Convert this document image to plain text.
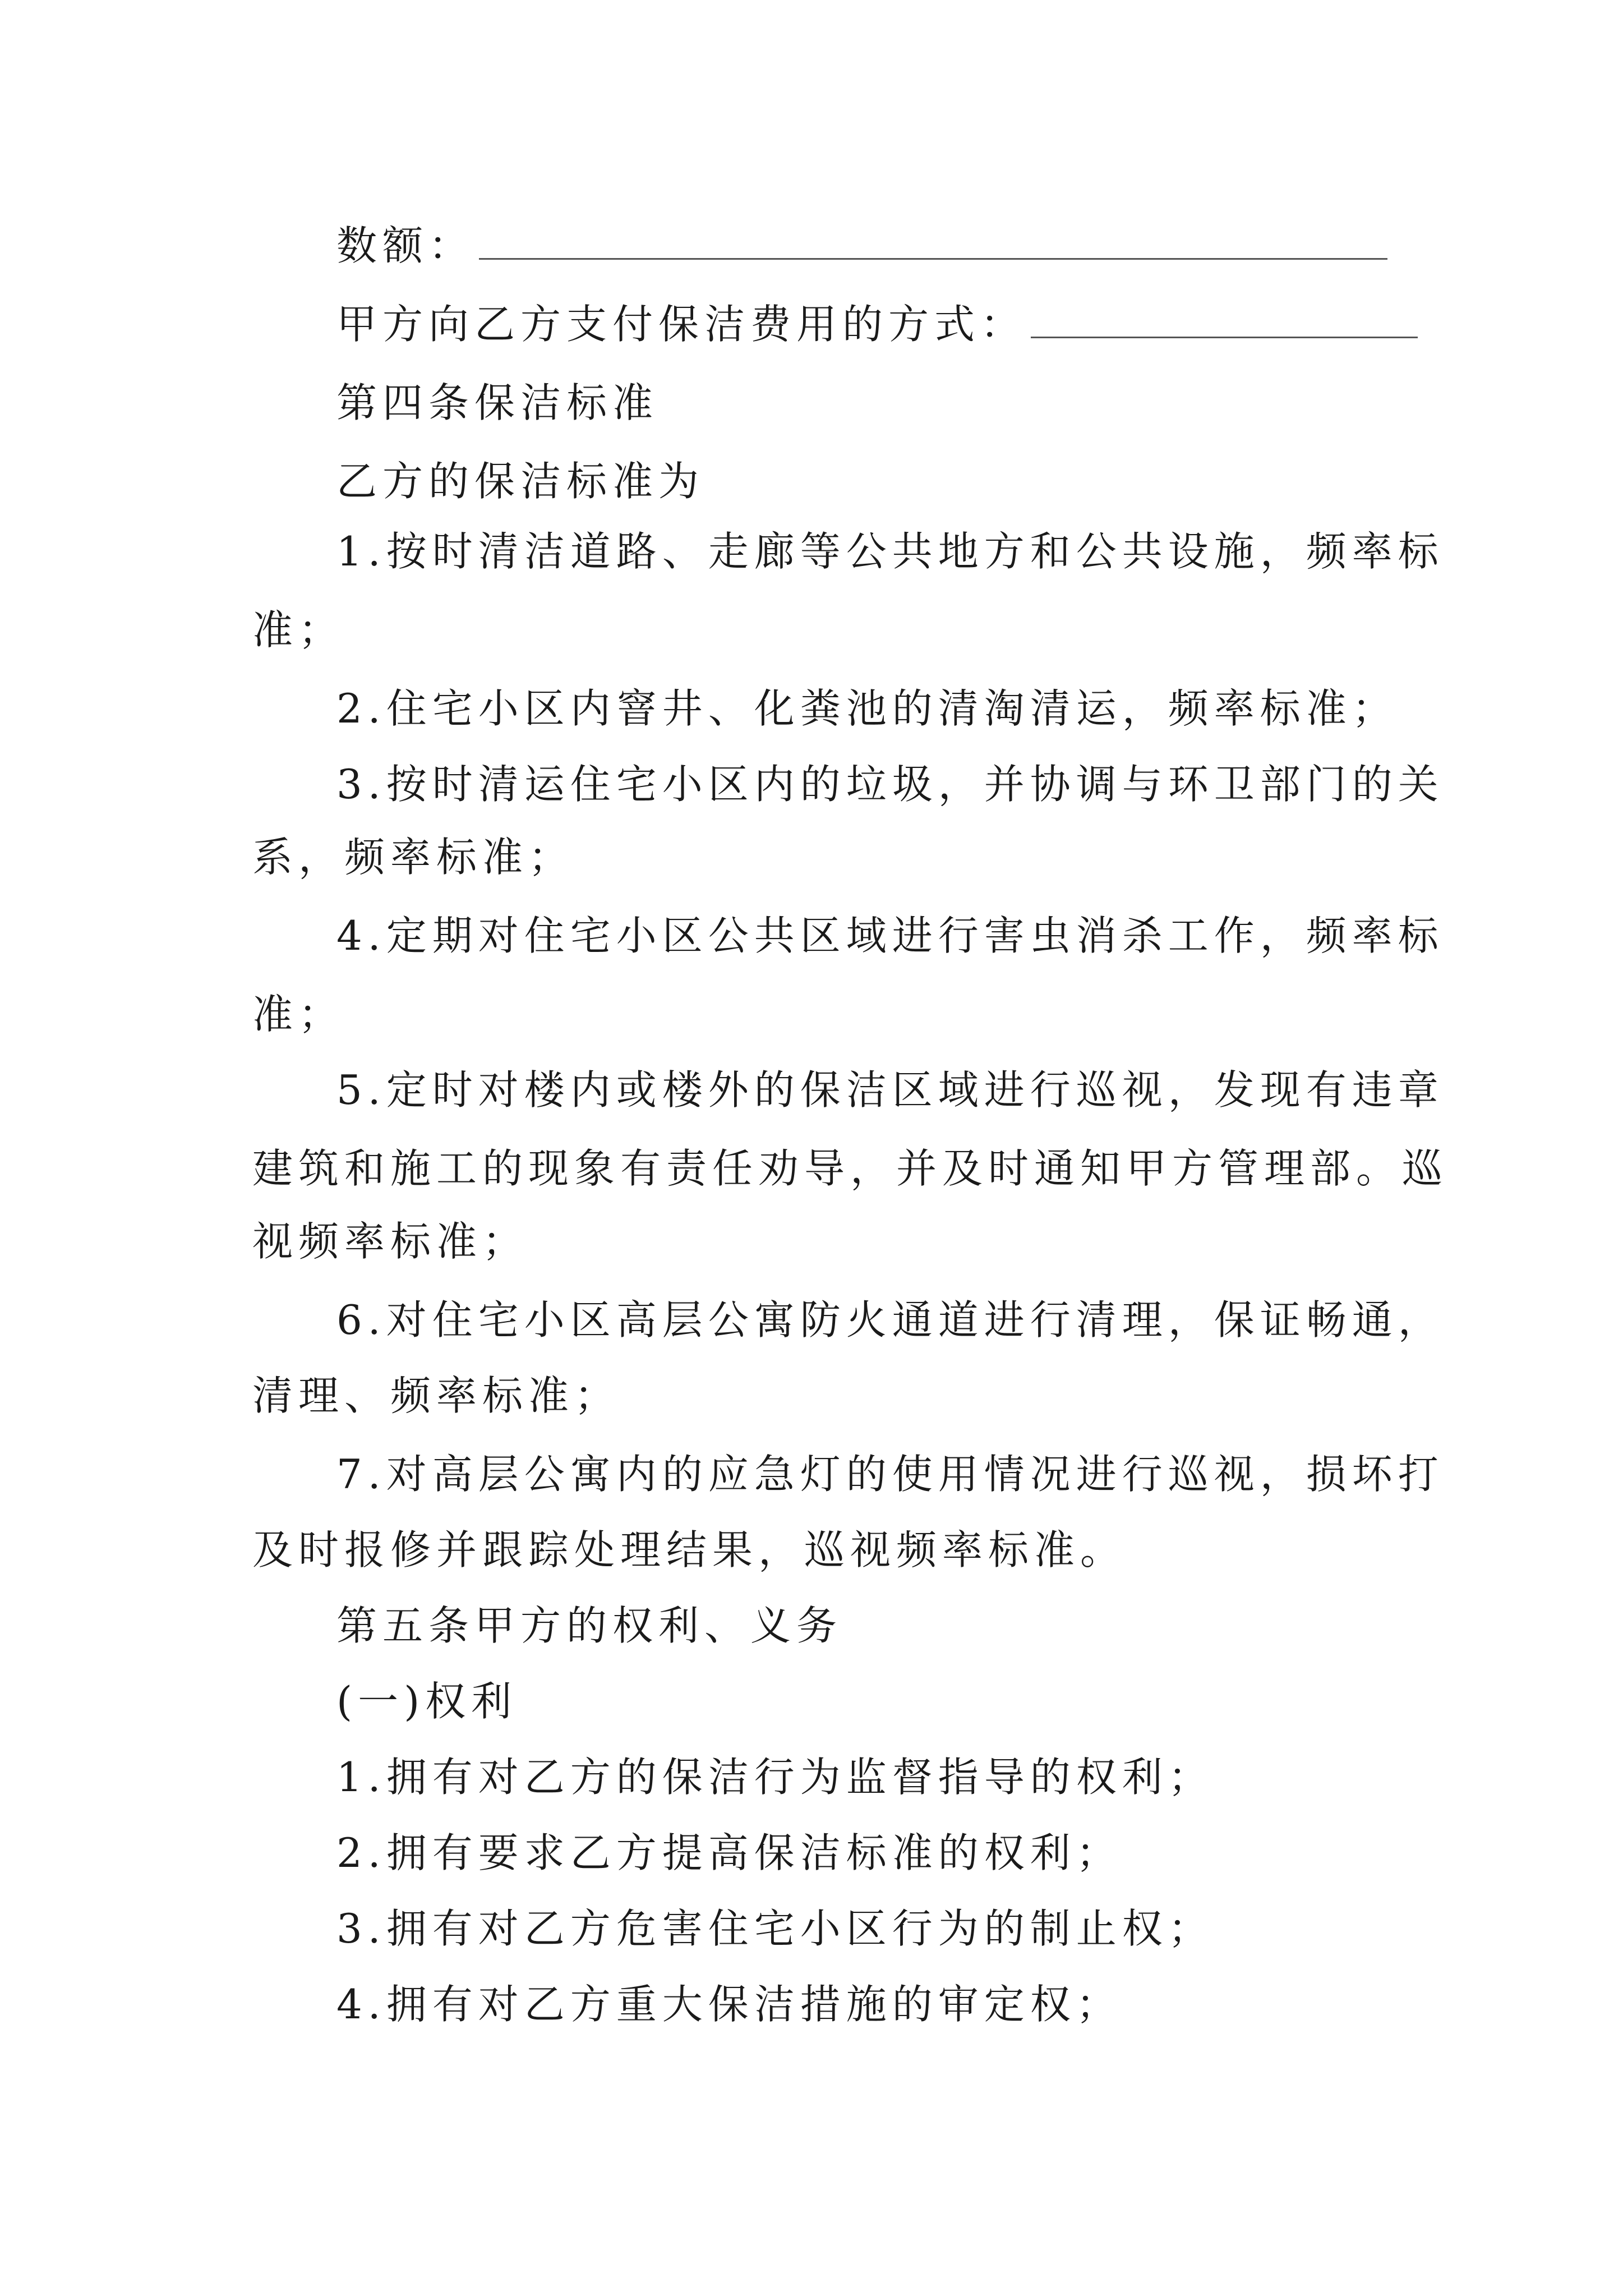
数额：
甲方向乙方支付保洁费用的方式：
第四条保洁标准
乙方的保洁标准为
1.按时清洁道路、走廊等公共地方和公共设施，频率标
准；
2.住宅小区内窨井、化粪池的清淘清运，频率标准；
3.按时清运住宅小区内的垃圾，并协调与环卫部门的关
系，频率标准；
4.定期对住宅小区公共区域进行害虫消杀工作，频率标
准；
5.定时对楼内或楼外的保洁区域进行巡视，发现有违章
建筑和施工的现象有责任劝导，并及时通知甲方管理部。巡
视频率标准；
6.对住宅小区高层公寓防火通道进行清理，保证畅通，
清理、频率标准；
7.对高层公寓内的应急灯的使用情况进行巡视，损坏打
及时报修并跟踪处理结果，巡视频率标准。
第五条甲方的权利、义务
(一)权利
1.拥有对乙方的保洁行为监督指导的权利；
2.拥有要求乙方提高保洁标准的权利；
3.拥有对乙方危害住宅小区行为的制止权；
4.拥有对乙方重大保洁措施的审定权；
